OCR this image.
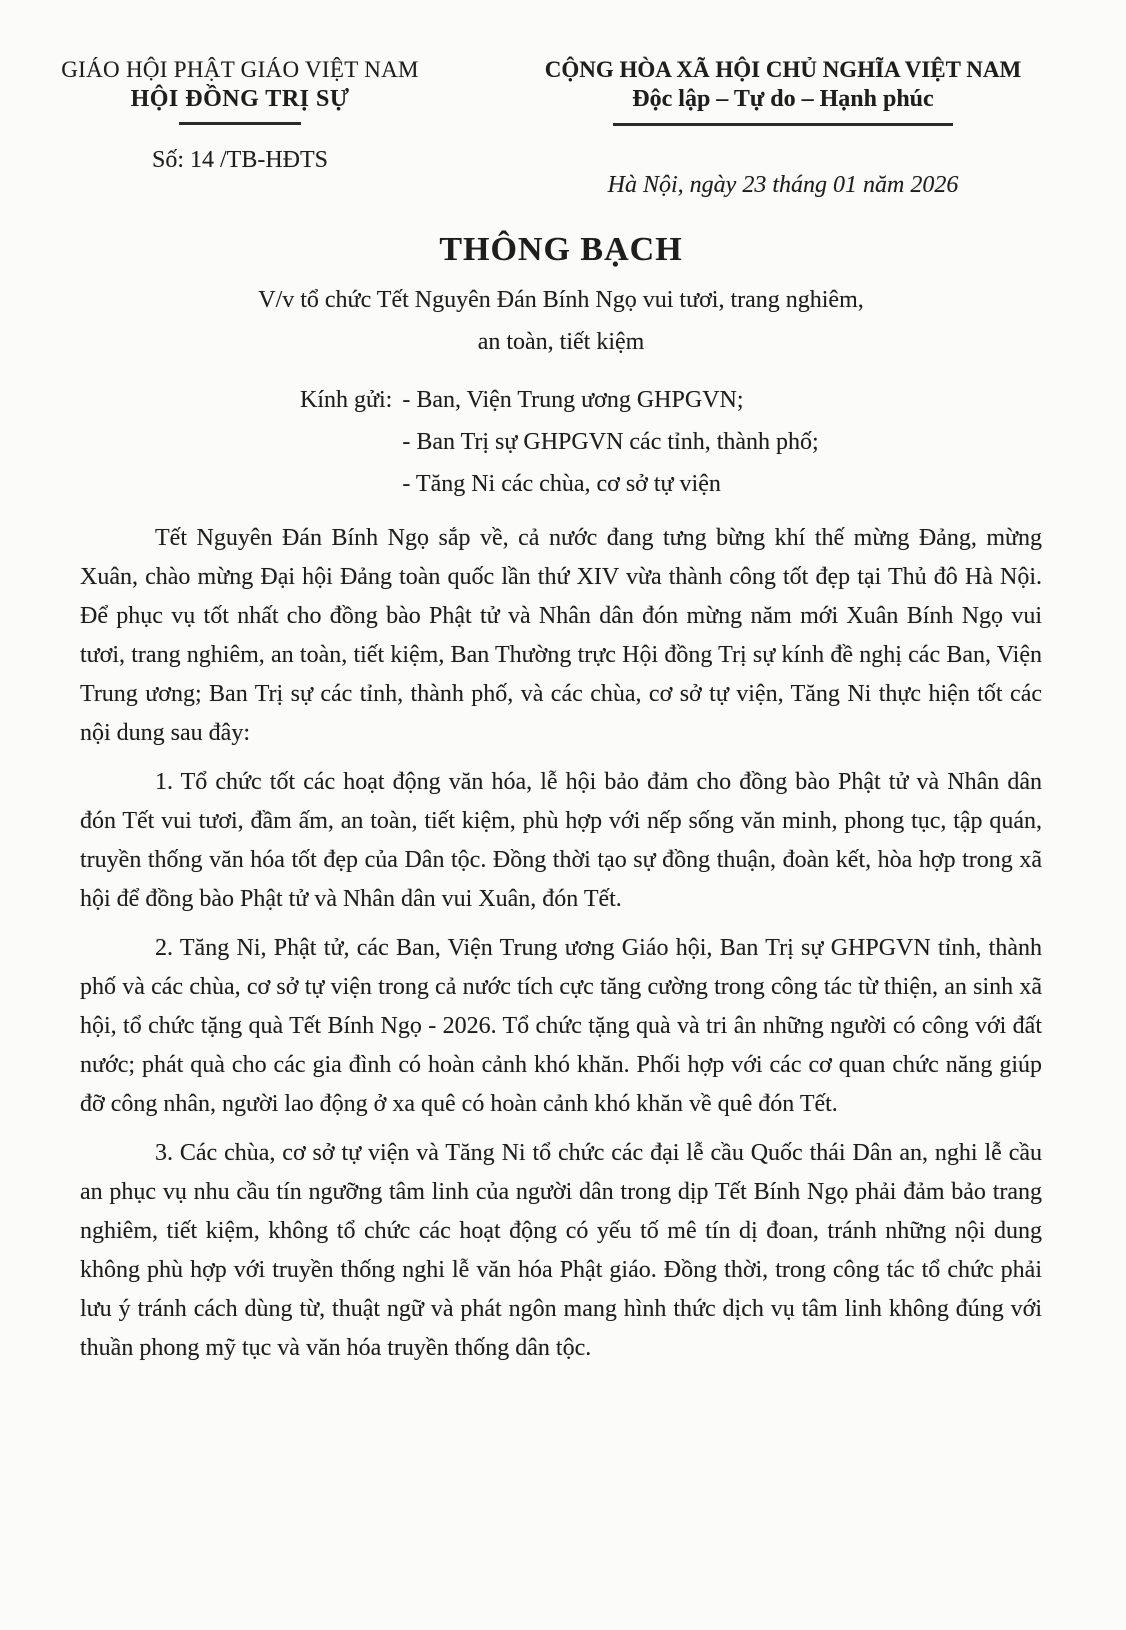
GIÁO HỘI PHẬT GIÁO VIỆT NAM
HỘI ĐỒNG TRỊ SỰ
Số: 14 /TB-HĐTS
CỘNG HÒA XÃ HỘI CHỦ NGHĨA VIỆT NAM
Độc lập – Tự do – Hạnh phúc
Hà Nội, ngày 23 tháng 01 năm 2026
THÔNG BẠCH
V/v tổ chức Tết Nguyên Đán Bính Ngọ vui tươi, trang nghiêm,
an toàn, tiết kiệm
Kính gửi: - Ban, Viện Trung ương GHPGVN;
- Ban Trị sự GHPGVN các tỉnh, thành phố;
- Tăng Ni các chùa, cơ sở tự viện

Tết Nguyên Đán Bính Ngọ sắp về, cả nước đang tưng bừng khí thế mừng Đảng, mừng Xuân, chào mừng Đại hội Đảng toàn quốc lần thứ XIV vừa thành công tốt đẹp tại Thủ đô Hà Nội. Để phục vụ tốt nhất cho đồng bào Phật tử và Nhân dân đón mừng năm mới Xuân Bính Ngọ vui tươi, trang nghiêm, an toàn, tiết kiệm, Ban Thường trực Hội đồng Trị sự kính đề nghị các Ban, Viện Trung ương; Ban Trị sự các tỉnh, thành phố, và các chùa, cơ sở tự viện, Tăng Ni thực hiện tốt các nội dung sau đây:

1. Tổ chức tốt các hoạt động văn hóa, lễ hội bảo đảm cho đồng bào Phật tử và Nhân dân đón Tết vui tươi, đầm ấm, an toàn, tiết kiệm, phù hợp với nếp sống văn minh, phong tục, tập quán, truyền thống văn hóa tốt đẹp của Dân tộc. Đồng thời tạo sự đồng thuận, đoàn kết, hòa hợp trong xã hội để đồng bào Phật tử và Nhân dân vui Xuân, đón Tết.

2. Tăng Ni, Phật tử, các Ban, Viện Trung ương Giáo hội, Ban Trị sự GHPGVN tỉnh, thành phố và các chùa, cơ sở tự viện trong cả nước tích cực tăng cường trong công tác từ thiện, an sinh xã hội, tổ chức tặng quà Tết Bính Ngọ - 2026. Tổ chức tặng quà và tri ân những người có công với đất nước; phát quà cho các gia đình có hoàn cảnh khó khăn. Phối hợp với các cơ quan chức năng giúp đỡ công nhân, người lao động ở xa quê có hoàn cảnh khó khăn về quê đón Tết.

3. Các chùa, cơ sở tự viện và Tăng Ni tổ chức các đại lễ cầu Quốc thái Dân an, nghi lễ cầu an phục vụ nhu cầu tín ngưỡng tâm linh của người dân trong dịp Tết Bính Ngọ phải đảm bảo trang nghiêm, tiết kiệm, không tổ chức các hoạt động có yếu tố mê tín dị đoan, tránh những nội dung không phù hợp với truyền thống nghi lễ văn hóa Phật giáo. Đồng thời, trong công tác tổ chức phải lưu ý tránh cách dùng từ, thuật ngữ và phát ngôn mang hình thức dịch vụ tâm linh không đúng với thuần phong mỹ tục và văn hóa truyền thống dân tộc.
